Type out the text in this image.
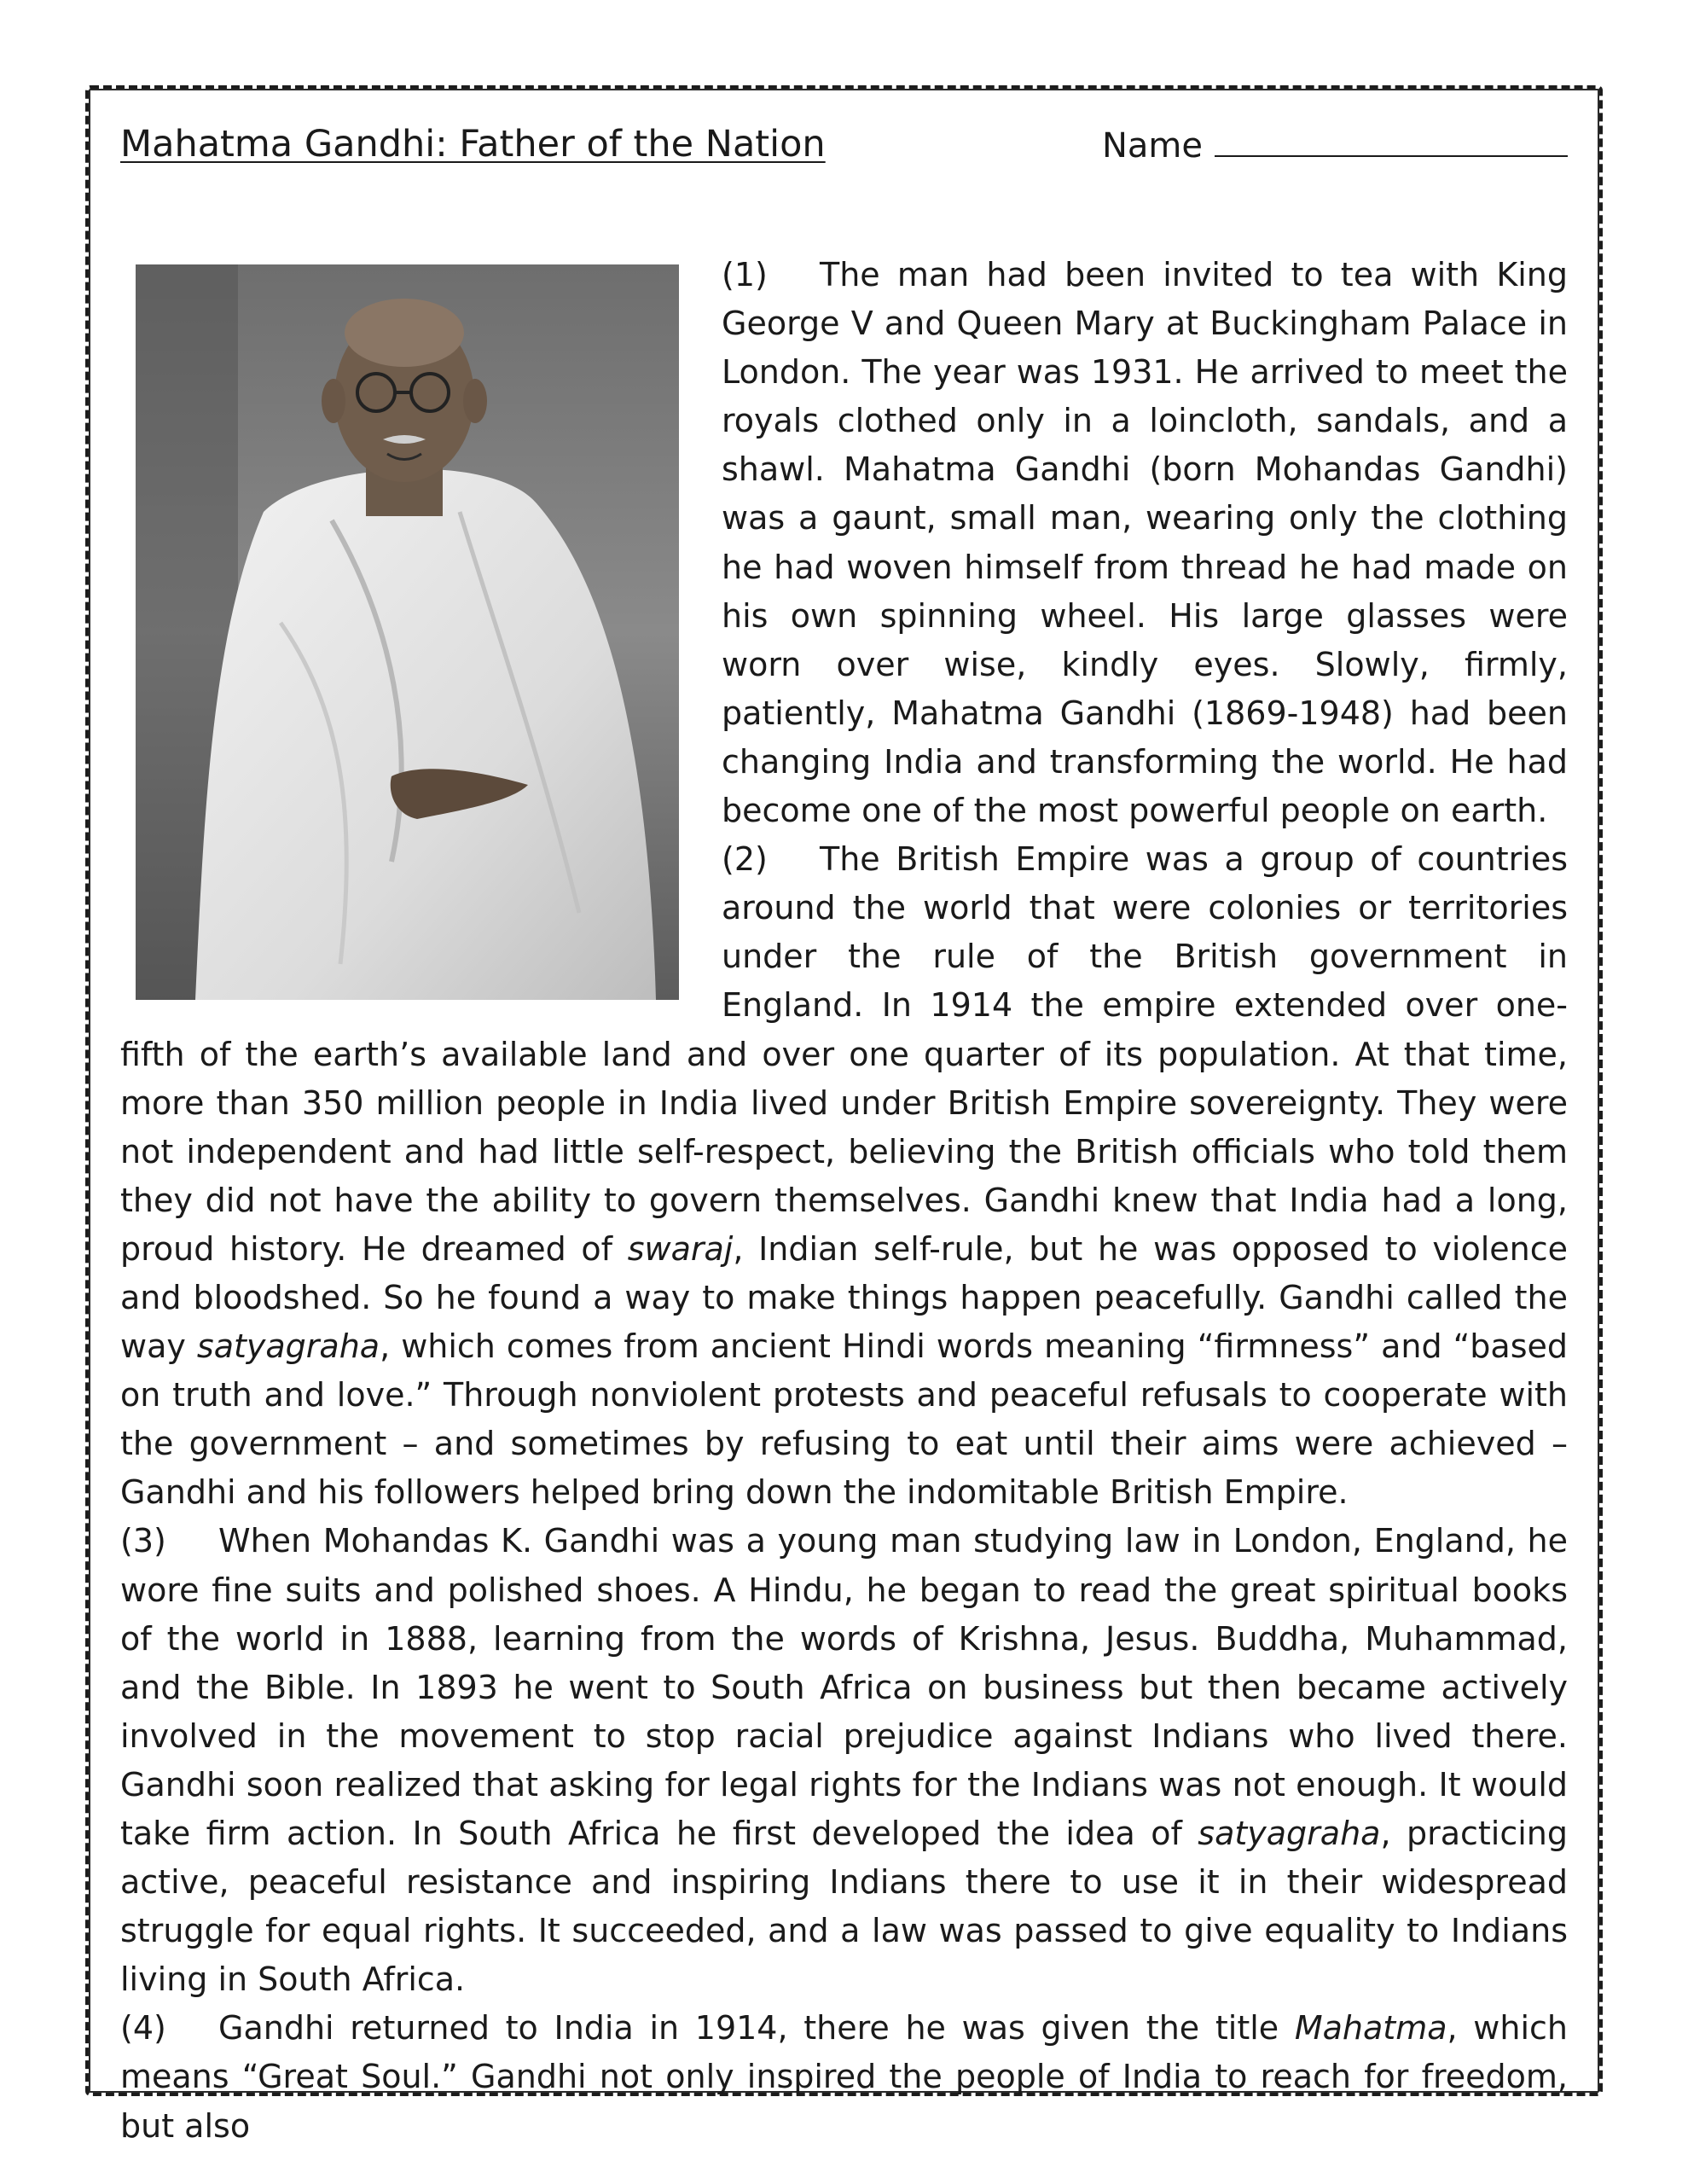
Mahatma Gandhi: Father of the Nation	Name

(1) The man had been invited to tea with King George V and Queen Mary at Buckingham Palace in London. The year was 1931. He arrived to meet the royals clothed only in a loincloth, sandals, and a shawl. Mahatma Gandhi (born Mohandas Gandhi) was a gaunt, small man, wearing only the clothing he had woven himself from thread he had made on his own spinning wheel. His large glasses were worn over wise, kindly eyes. Slowly, firmly, patiently, Mahatma Gandhi (1869-1948) had been changing India and transforming the world. He had become one of the most powerful people on earth.

(2) The British Empire was a group of countries around the world that were colonies or territories under the rule of the British government in England. In 1914 the empire extended over one-fifth of the earth’s available land and over one quarter of its population. At that time, more than 350 million people in India lived under British Empire sovereignty. They were not independent and had little self-respect, believing the British officials who told them they did not have the ability to govern themselves. Gandhi knew that India had a long, proud history. He dreamed of swaraj, Indian self-rule, but he was opposed to violence and bloodshed. So he found a way to make things happen peacefully. Gandhi called the way satyagraha, which comes from ancient Hindi words meaning “firmness” and “based on truth and love.” Through nonviolent protests and peaceful refusals to cooperate with the government – and sometimes by refusing to eat until their aims were achieved – Gandhi and his followers helped bring down the indomitable British Empire.

(3) When Mohandas K. Gandhi was a young man studying law in London, England, he wore fine suits and polished shoes. A Hindu, he began to read the great spiritual books of the world in 1888, learning from the words of Krishna, Jesus. Buddha, Muhammad, and the Bible. In 1893 he went to South Africa on business but then became actively involved in the movement to stop racial prejudice against Indians who lived there. Gandhi soon realized that asking for legal rights for the Indians was not enough. It would take firm action. In South Africa he first developed the idea of satyagraha, practicing active, peaceful resistance and inspiring Indians there to use it in their widespread struggle for equal rights. It succeeded, and a law was passed to give equality to Indians living in South Africa.

(4) Gandhi returned to India in 1914, there he was given the title Mahatma, which means “Great Soul.” Gandhi not only inspired the people of India to reach for freedom, but also
